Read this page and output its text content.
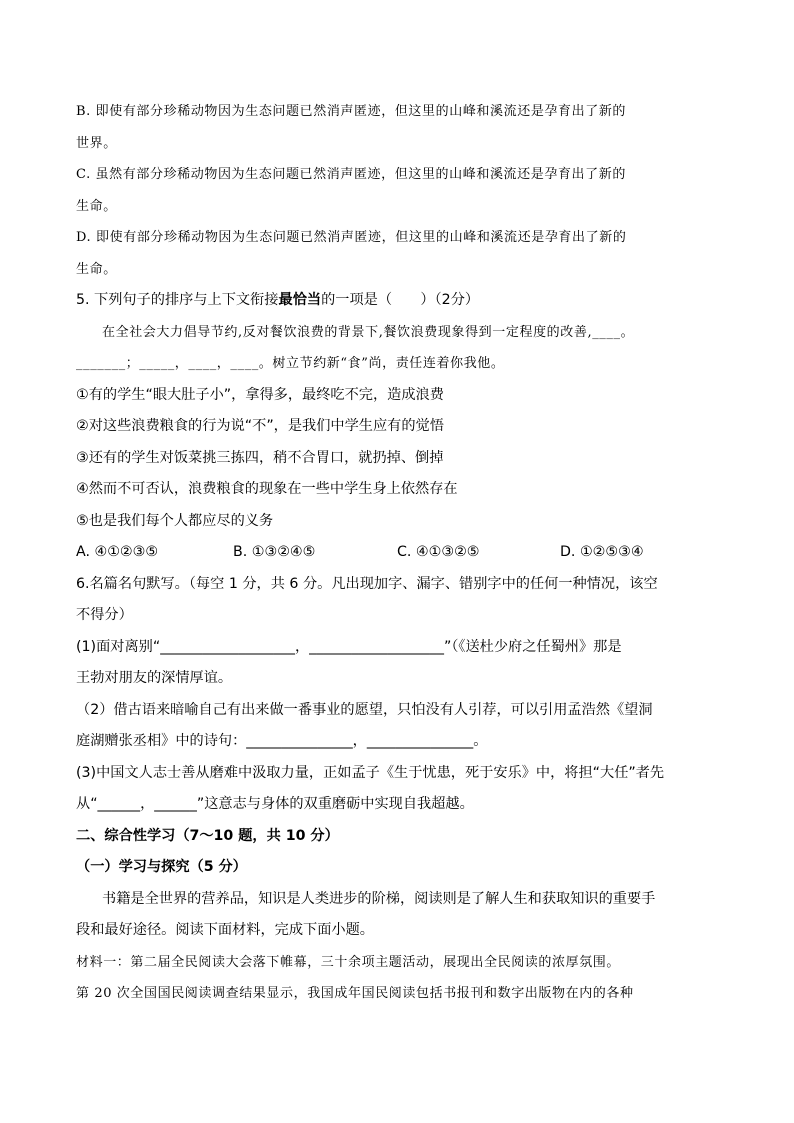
B. 即使有部分珍稀动物因为生态问题已然消声匿迹，但这里的山峰和溪流还是孕育出了新的
世界。
C. 虽然有部分珍稀动物因为生态问题已然消声匿迹，但这里的山峰和溪流还是孕育出了新的
生命。
D. 即使有部分珍稀动物因为生态问题已然消声匿迹，但这里的山峰和溪流还是孕育出了新的
生命。
5. 下列句子的排序与上下文衔接最恰当的一项是（　　）（2分）
在全社会大力倡导节约,反对餐饮浪费的背景下,餐饮浪费现象得到一定程度的改善,____。
_______；_____，____，____。树立节约新“食”尚，责任连着你我他。
①有的学生“眼大肚子小”，拿得多，最终吃不完，造成浪费
②对这些浪费粮食的行为说“不”，是我们中学生应有的觉悟
③还有的学生对饭菜挑三拣四，稍不合胃口，就扔掉、倒掉
④然而不可否认，浪费粮食的现象在一些中学生身上依然存在
⑤也是我们每个人都应尽的义务
A. ④①②③⑤	B. ①③②④⑤	C. ④①③②⑤	D. ①②⑤③④
6.名篇名句默写。（每空 1 分，共 6 分。凡出现加字、漏字、错别字中的任何一种情况，该空
不得分）
(1)面对离别“___________________，___________________”（《送杜少府之任蜀州》那是
王勃对朋友的深情厚谊。
（2）借古语来暗喻自己有出来做一番事业的愿望，只怕没有人引荐，可以引用孟浩然《望洞
庭湖赠张丞相》中的诗句：_______________，_______________。
(3)中国文人志士善从磨难中汲取力量，正如孟子《生于忧患，死于安乐》中，将担“大任”者先
从“______，______”这意志与身体的双重磨砺中实现自我超越。
二、综合性学习（7～10 题，共 10 分）
（一）学习与探究（5 分）
书籍是全世界的营养品，知识是人类进步的阶梯，阅读则是了解人生和获取知识的重要手
段和最好途径。阅读下面材料，完成下面小题。
材料一：第二届全民阅读大会落下帷幕，三十余项主题活动，展现出全民阅读的浓厚氛围。
第 20 次全国国民阅读调查结果显示，我国成年国民阅读包括书报刊和数字出版物在内的各种
